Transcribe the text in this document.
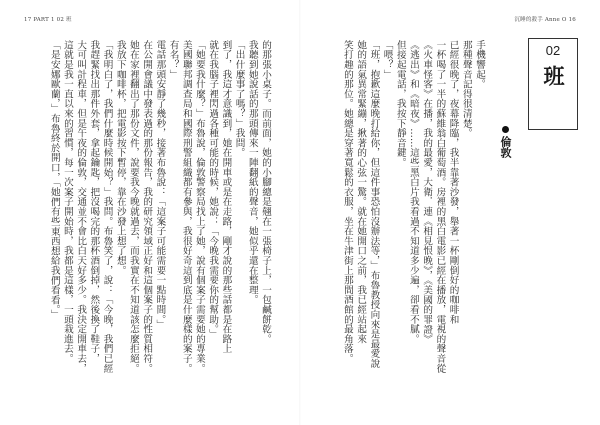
17 PART 1 02 班	沉睡的殺手 Anne O 16
02
班
倫敦
手機響起。
那種聲音記得很清楚。
已經很晚了，夜幕降臨，我半靠著沙發，舉著一杯剛倒好的咖啡和
一杯喝了一半的蘇維翁白葡萄酒。房裡的黑白電影已經在播放，電視的聲音從
《火車怪客》在播，我的最愛，大衛．連《相見恨晚》，《美國的罪證》
《逃出》和《暗夜》……這些黑白片我看過不知道多少遍，卻看不膩。
但接起電話，我按下靜音鍵。
「喂？」
「班，抱歉這麼晚打給你，但這件事恐怕沒辦法等，」布魯教授向來是最愛說
她的語氣異常緊繃，揪著的心弦一驚。就在她開口之前，我已經站起來
笑打趣的那位。她總是穿著寬鬆的衣服，坐在牛津街上那間酒館的最角落。
的那張小桌子。而前面，她的小腳總是翹在一張椅子上，一包鹹餅乾。
我聽到她說話的那頭傳來一陣翻紙的聲音，她似乎還在整理。
「出什麼事了嗎？」我問。
到了，我這才意識到，她在開車或是在走路，剛才說的那些話都是在路上
就在我腦子裡閃過各種可能的時候，她說：「今晚我需要你的幫助。」
「她要我什麼？」布魯說，倫敦警察局找上了她，說有個案子需要她的專業。
美國聯邦調查局和國際刑警組織都有參與，我很好奇這到底是什麼樣的案子。
有名？」
電話那頭安靜了幾秒，接著布魯說：「這案子可能需要一點時間。」
在公開會議中發表過的那份報告，我的研究領域正好和這個案子的性質相符。
她在家裡翻出了那份文件，說要我今晚就過去，而我實在不知道該怎麼拒絕。
我放下咖啡杯，把電影按下暫停，靠在沙發上想了想。
「我明白了，我們什麼時候開始？」我問。布魯笑了，說：「今晚，我們已經
我趕緊找出那件外套，拿起鑰匙，把沒喝完的那杯酒倒掉，然後換了鞋子，
大可叫計程車，但是午夜的倫敦，交通並不會比白天好多少。我決定開車去，
這就是我一直以來的習慣，每一次案子開始時，我都是這樣，一頭栽進去。
「是安娜歐蘭，」布魯終於開口，「她們有些東西想給我們看看。」
